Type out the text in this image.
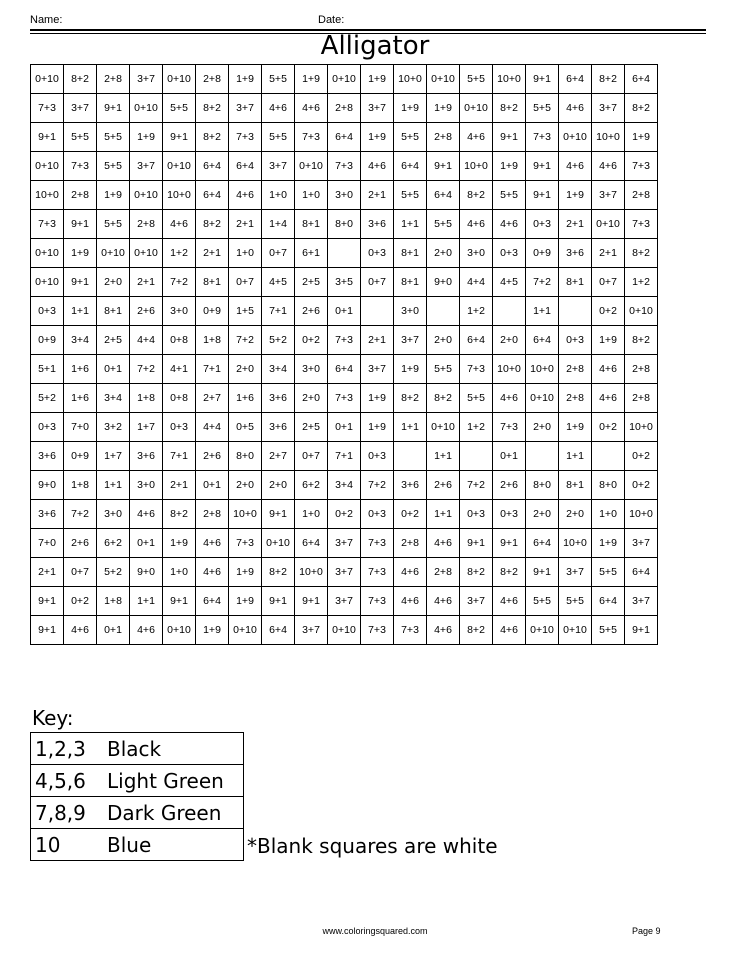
Name:	Date:
Alligator
0+10	8+2	2+8	3+7	0+10	2+8	1+9	5+5	1+9	0+10	1+9	10+0	0+10	5+5	10+0	9+1	6+4	8+2	6+4
7+3	3+7	9+1	0+10	5+5	8+2	3+7	4+6	4+6	2+8	3+7	1+9	1+9	0+10	8+2	5+5	4+6	3+7	8+2
9+1	5+5	5+5	1+9	9+1	8+2	7+3	5+5	7+3	6+4	1+9	5+5	2+8	4+6	9+1	7+3	0+10	10+0	1+9
0+10	7+3	5+5	3+7	0+10	6+4	6+4	3+7	0+10	7+3	4+6	6+4	9+1	10+0	1+9	9+1	4+6	4+6	7+3
10+0	2+8	1+9	0+10	10+0	6+4	4+6	1+0	1+0	3+0	2+1	5+5	6+4	8+2	5+5	9+1	1+9	3+7	2+8
7+3	9+1	5+5	2+8	4+6	8+2	2+1	1+4	8+1	8+0	3+6	1+1	5+5	4+6	4+6	0+3	2+1	0+10	7+3
0+10	1+9	0+10	0+10	1+2	2+1	1+0	0+7	6+1		0+3	8+1	2+0	3+0	0+3	0+9	3+6	2+1	8+2
0+10	9+1	2+0	2+1	7+2	8+1	0+7	4+5	2+5	3+5	0+7	8+1	9+0	4+4	4+5	7+2	8+1	0+7	1+2
0+3	1+1	8+1	2+6	3+0	0+9	1+5	7+1	2+6	0+1		3+0		1+2		1+1		0+2	0+10
0+9	3+4	2+5	4+4	0+8	1+8	7+2	5+2	0+2	7+3	2+1	3+7	2+0	6+4	2+0	6+4	0+3	1+9	8+2
5+1	1+6	0+1	7+2	4+1	7+1	2+0	3+4	3+0	6+4	3+7	1+9	5+5	7+3	10+0	10+0	2+8	4+6	2+8
5+2	1+6	3+4	1+8	0+8	2+7	1+6	3+6	2+0	7+3	1+9	8+2	8+2	5+5	4+6	0+10	2+8	4+6	2+8
0+3	7+0	3+2	1+7	0+3	4+4	0+5	3+6	2+5	0+1	1+9	1+1	0+10	1+2	7+3	2+0	1+9	0+2	10+0
3+6	0+9	1+7	3+6	7+1	2+6	8+0	2+7	0+7	7+1	0+3		1+1		0+1		1+1		0+2
9+0	1+8	1+1	3+0	2+1	0+1	2+0	2+0	6+2	3+4	7+2	3+6	2+6	7+2	2+6	8+0	8+1	8+0	0+2
3+6	7+2	3+0	4+6	8+2	2+8	10+0	9+1	1+0	0+2	0+3	0+2	1+1	0+3	0+3	2+0	2+0	1+0	10+0
7+0	2+6	6+2	0+1	1+9	4+6	7+3	0+10	6+4	3+7	7+3	2+8	4+6	9+1	9+1	6+4	10+0	1+9	3+7
2+1	0+7	5+2	9+0	1+0	4+6	1+9	8+2	10+0	3+7	7+3	4+6	2+8	8+2	8+2	9+1	3+7	5+5	6+4
9+1	0+2	1+8	1+1	9+1	6+4	1+9	9+1	9+1	3+7	7+3	4+6	4+6	3+7	4+6	5+5	5+5	6+4	3+7
9+1	4+6	0+1	4+6	0+10	1+9	0+10	6+4	3+7	0+10	7+3	7+3	4+6	8+2	4+6	0+10	0+10	5+5	9+1
Key:
1,2,3 Black
4,5,6 Light Green
7,8,9 Dark Green
10 Blue	*Blank squares are white
www.coloringsquared.com	Page 9
